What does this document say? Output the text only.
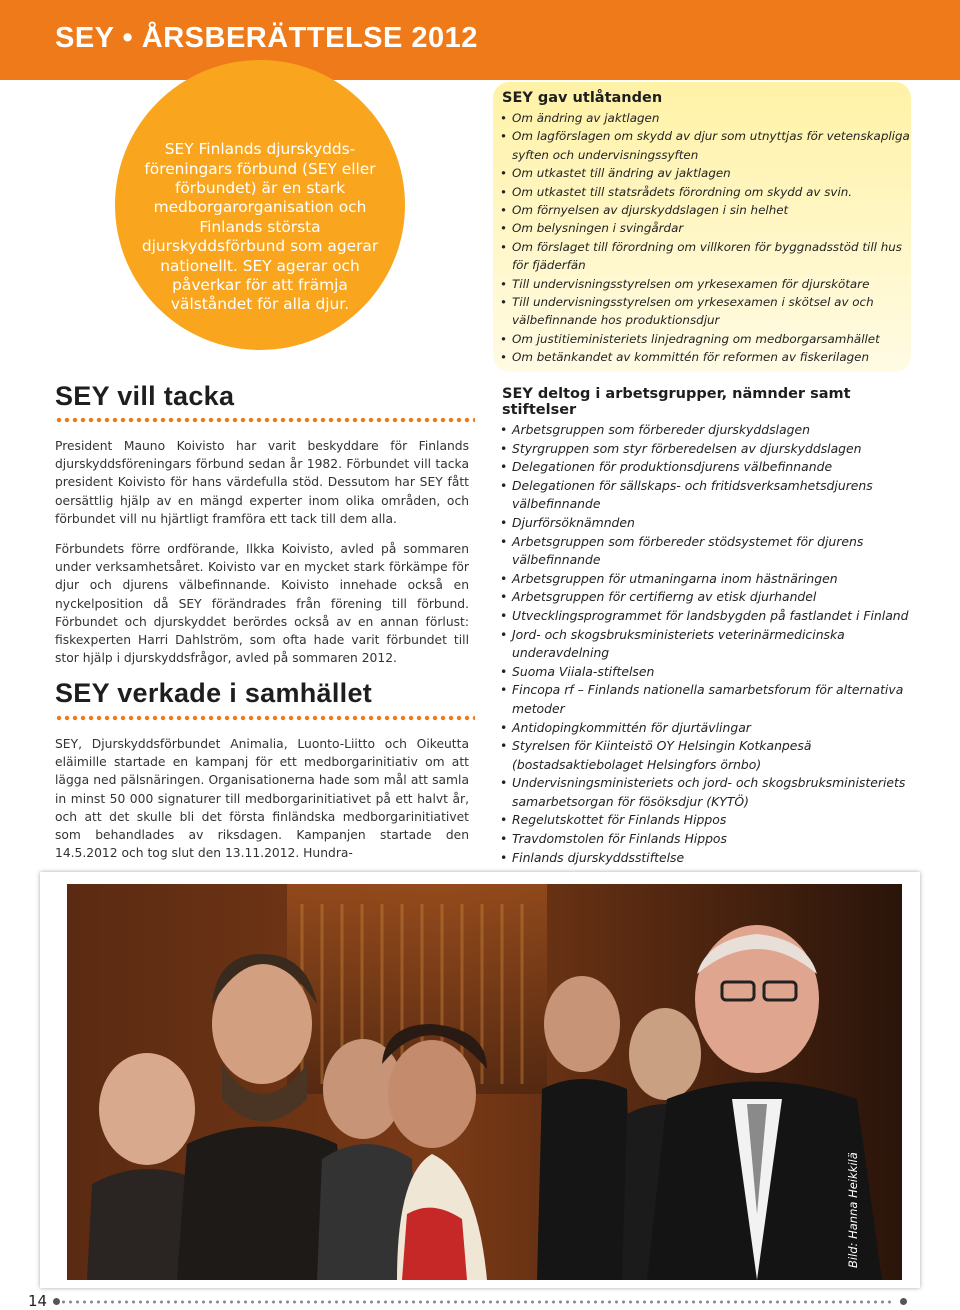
SEY • ÅRSBERÄTTELSE 2012
SEY Finlands djurskydds-föreningars förbund (SEY eller förbundet) är en stark medborgarorganisation och Finlands största djurskyddsförbund som agerar nationellt. SEY agerar och påverkar för att främja välståndet för alla djur.
SEY vill tacka

President Mauno Koivisto har varit beskyddare för Finlands djurskyddsföreningars förbund sedan år 1982. Förbundet vill tacka president Koivisto för hans värdefulla stöd. Dessutom har SEY fått oersättlig hjälp av en mängd experter inom olika områden, och förbundet vill nu hjärtligt framföra ett tack till dem alla.

Förbundets förre ordförande, Ilkka Koivisto, avled på sommaren under verksamhetsåret. Koivisto var en mycket stark förkämpe för djur och djurens välbefinnande. Koivisto innehade också en nyckelposition då SEY förändrades från förening till förbund. Förbundet och djurskyddet berördes också av en annan förlust: fiskexperten Harri Dahlström, som ofta hade varit förbundet till stor hjälp i djurskyddsfrågor, avled på sommaren 2012.

SEY verkade i samhället

SEY, Djurskyddsförbundet Animalia, Luonto-Liitto och Oikeutta eläimille startade en kampanj för ett medborgarinitiativ om att lägga ned pälsnäringen. Organisationerna hade som mål att samla in minst 50 000 signaturer till medborgarinitiativet på ett halvt år, och att det skulle bli det första finländska medborgarinitiativet som behandlades av riksdagen. Kampanjen startade den 14.5.2012 och tog slut den 13.11.2012. Hundra-

SEY gav utlåtanden
• Om ändring av jaktlagen
• Om lagförslagen om skydd av djur som utnyttjas för vetenskapliga syften och undervisningssyften
• Om utkastet till ändring av jaktlagen
• Om utkastet till statsrådets förordning om skydd av svin.
• Om förnyelsen av djurskyddslagen i sin helhet
• Om belysningen i svingårdar
• Om förslaget till förordning om villkoren för byggnadsstöd till hus för fjäderfän
• Till undervisningsstyrelsen om yrkesexamen för djurskötare
• Till undervisningsstyrelsen om yrkesexamen i skötsel av och välbefinnande hos produktionsdjur
• Om justitieministeriets linjedragning om medborgarsamhället
• Om betänkandet av kommittén för reformen av fiskerilagen
SEY deltog i arbetsgrupper, nämnder samt stiftelser
• Arbetsgruppen som förbereder djurskyddslagen
• Styrgruppen som styr förberedelsen av djurskyddslagen
• Delegationen för produktionsdjurens välbefinnande
• Delegationen för sällskaps- och fritidsverksamhetsdjurens välbefinnande
• Djurförsöknämnden
• Arbetsgruppen som förbereder stödsystemet för djurens välbefinnande
• Arbetsgruppen för utmaningarna inom hästnäringen
• Arbetsgruppen för certifierng av etisk djurhandel
• Utvecklingsprogrammet för landsbygden på fastlandet i Finland
• Jord- och skogsbruksministeriets veterinärmedicinska underavdelning
• Suoma Viiala-stiftelsen
• Fincopa rf – Finlands nationella samarbetsforum för alternativa metoder
• Antidopingkommittén för djurtävlingar
• Styrelsen för Kiinteistö OY Helsingin Kotkanpesä (bostadsaktiebolaget Helsingfors örnbo)
• Undervisningsministeriets och jord- och skogsbruksministeriets samarbetsorgan för fösöksdjur (KYTÖ)
• Regelutskottet för Finlands Hippos
• Travdomstolen för Finlands Hippos
• Finlands djurskyddsstiftelse
Bild: Hanna Heikkilä
14
